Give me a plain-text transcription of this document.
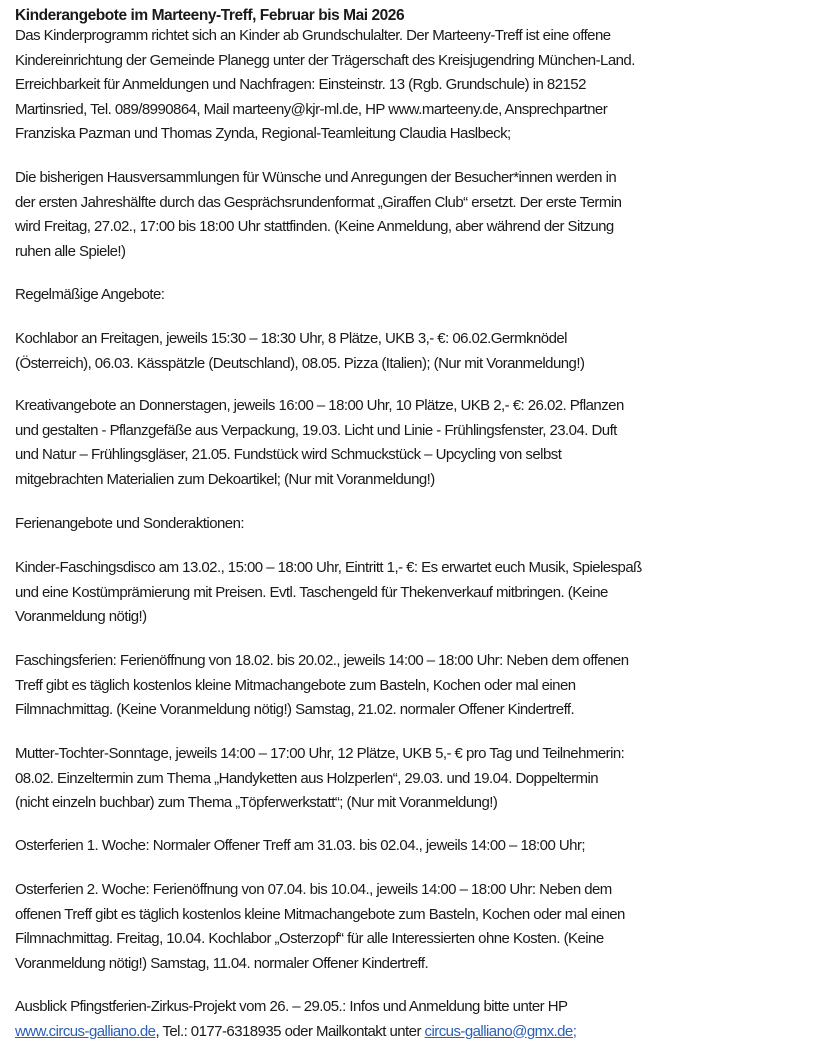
Kinderangebote im Marteeny-Treff, Februar bis Mai 2026
Das Kinderprogramm richtet sich an Kinder ab Grundschulalter. Der Marteeny-Treff ist eine offene
Kindereinrichtung der Gemeinde Planegg unter der Trägerschaft des Kreisjugendring München-Land.
Erreichbarkeit für Anmeldungen und Nachfragen: Einsteinstr. 13 (Rgb. Grundschule) in 82152
Martinsried, Tel. 089/8990864, Mail marteeny@kjr-ml.de, HP www.marteeny.de, Ansprechpartner
Franziska Pazman und Thomas Zynda, Regional-Teamleitung Claudia Haslbeck;
Die bisherigen Hausversammlungen für Wünsche und Anregungen der Besucher*innen werden in
der ersten Jahreshälfte durch das Gesprächsrundenformat „Giraffen Club“ ersetzt. Der erste Termin
wird Freitag, 27.02., 17:00 bis 18:00 Uhr stattfinden. (Keine Anmeldung, aber während der Sitzung
ruhen alle Spiele!)
Regelmäßige Angebote:
Kochlabor an Freitagen, jeweils 15:30 – 18:30 Uhr, 8 Plätze, UKB 3,- €: 06.02.Germknödel
(Österreich), 06.03. Kässpätzle (Deutschland), 08.05. Pizza (Italien); (Nur mit Voranmeldung!)
Kreativangebote an Donnerstagen, jeweils 16:00 – 18:00 Uhr, 10 Plätze, UKB 2,- €: 26.02. Pflanzen
und gestalten - Pflanzgefäße aus Verpackung, 19.03. Licht und Linie - Frühlingsfenster, 23.04. Duft
und Natur – Frühlingsgläser, 21.05. Fundstück wird Schmuckstück – Upcycling von selbst
mitgebrachten Materialien zum Dekoartikel; (Nur mit Voranmeldung!)
Ferienangebote und Sonderaktionen:
Kinder-Faschingsdisco am 13.02., 15:00 – 18:00 Uhr, Eintritt 1,- €: Es erwartet euch Musik, Spielespaß
und eine Kostümprämierung mit Preisen. Evtl. Taschengeld für Thekenverkauf mitbringen. (Keine
Voranmeldung nötig!)
Faschingsferien: Ferienöffnung von 18.02. bis 20.02., jeweils 14:00 – 18:00 Uhr: Neben dem offenen
Treff gibt es täglich kostenlos kleine Mitmachangebote zum Basteln, Kochen oder mal einen
Filmnachmittag. (Keine Voranmeldung nötig!) Samstag, 21.02. normaler Offener Kindertreff.
Mutter-Tochter-Sonntage, jeweils 14:00 – 17:00 Uhr, 12 Plätze, UKB 5,- € pro Tag und Teilnehmerin:
08.02. Einzeltermin zum Thema „Handyketten aus Holzperlen“, 29.03. und 19.04. Doppeltermin
(nicht einzeln buchbar) zum Thema „Töpferwerkstatt“; (Nur mit Voranmeldung!)
Osterferien 1. Woche: Normaler Offener Treff am 31.03. bis 02.04., jeweils 14:00 – 18:00 Uhr;
Osterferien 2. Woche: Ferienöffnung von 07.04. bis 10.04., jeweils 14:00 – 18:00 Uhr: Neben dem
offenen Treff gibt es täglich kostenlos kleine Mitmachangebote zum Basteln, Kochen oder mal einen
Filmnachmittag. Freitag, 10.04. Kochlabor „Osterzopf“ für alle Interessierten ohne Kosten. (Keine
Voranmeldung nötig!) Samstag, 11.04. normaler Offener Kindertreff.
Ausblick Pfingstferien-Zirkus-Projekt vom 26. – 29.05.: Infos und Anmeldung bitte unter HP
www.circus-galliano.de, Tel.: 0177-6318935 oder Mailkontakt unter circus-galliano@gmx.de;
